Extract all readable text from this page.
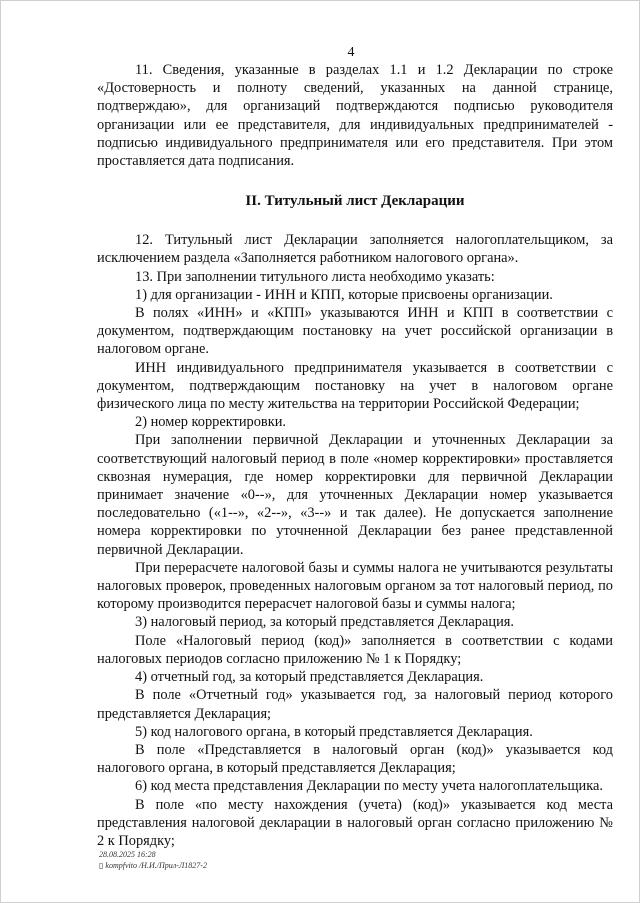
4

11. Сведения, указанные в разделах 1.1 и 1.2 Декларации по строке «Достоверность и полноту сведений, указанных на данной странице, подтверждаю», для организаций подтверждаются подписью руководителя организации или ее представителя, для индивидуальных предпринимателей - подписью индивидуального предпринимателя или его представителя. При этом проставляется дата подписания.

II. Титульный лист Декларации

12. Титульный лист Декларации заполняется налогоплательщиком, за исключением раздела «Заполняется работником налогового органа».

13. При заполнении титульного листа необходимо указать:

1) для организации - ИНН и КПП, которые присвоены организации.

В полях «ИНН» и «КПП» указываются ИНН и КПП в соответствии с документом, подтверждающим постановку на учет российской организации в налоговом органе.

ИНН индивидуального предпринимателя указывается в соответствии с документом, подтверждающим постановку на учет в налоговом органе физического лица по месту жительства на территории Российской Федерации;

2) номер корректировки.

При заполнении первичной Декларации и уточненных Декларации за соответствующий налоговый период в поле «номер корректировки» проставляется сквозная нумерация, где номер корректировки для первичной Декларации принимает значение «0--», для уточненных Декларации номер указывается последовательно («1--», «2--», «3--» и так далее). Не допускается заполнение номера корректировки по уточненной Декларации без ранее представленной первичной Декларации.

При перерасчете налоговой базы и суммы налога не учитываются результаты налоговых проверок, проведенных налоговым органом за тот налоговый период, по которому производится перерасчет налоговой базы и суммы налога;

3) налоговый период, за который представляется Декларация.

Поле «Налоговый период (код)» заполняется в соответствии с кодами налоговых периодов согласно приложению № 1 к Порядку;

4) отчетный год, за который представляется Декларация.

В поле «Отчетный год» указывается год, за налоговый период которого представляется Декларация;

5) код налогового органа, в который представляется Декларация.

В поле «Представляется в налоговый орган (код)» указывается код налогового органа, в который представляется Декларация;

6) код места представления Декларации по месту учета налогоплательщика.

В поле «по месту нахождения (учета) (код)» указывается код места представления налоговой декларации в налоговый орган согласно приложению № 2 к Порядку;

28.08.2025 16:28
▯ kompfvito /Н.И./Прил-Л1827-2
